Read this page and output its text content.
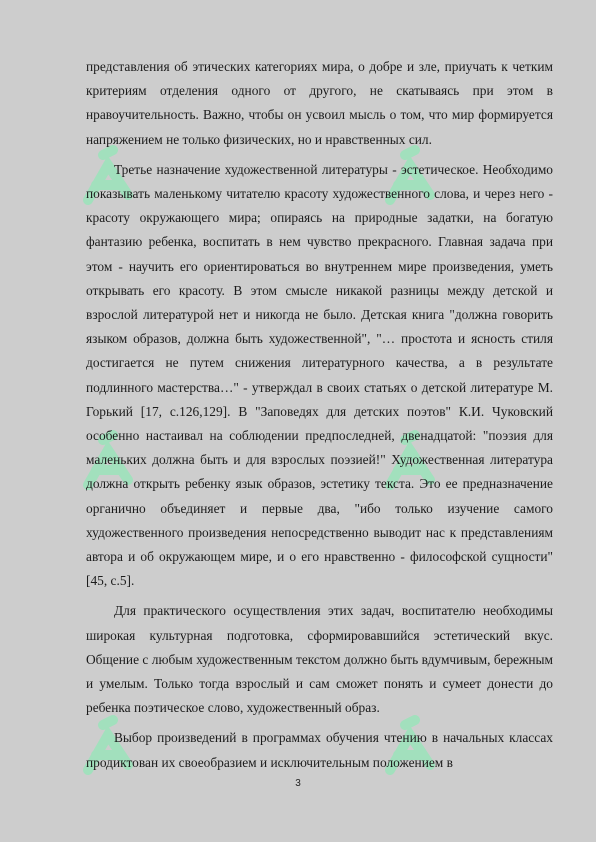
представления об этических категориях мира, о добре и зле, приучать к четким критериям отделения одного от другого, не скатываясь при этом в нравоучительность. Важно, чтобы он усвоил мысль о том, что мир формируется напряжением не только физических, но и нравственных сил.

Третье назначение художественной литературы - эстетическое. Необходимо показывать маленькому читателю красоту художественного слова, и через него - красоту окружающего мира; опираясь на природные задатки, на богатую фантазию ребенка, воспитать в нем чувство прекрасного. Главная задача при этом - научить его ориентироваться во внутреннем мире произведения, уметь открывать его красоту. В этом смысле никакой разницы между детской и взрослой литературой нет и никогда не было. Детская книга "должна говорить языком образов, должна быть художественной", "… простота и ясность стиля достигается не путем снижения литературного качества, а в результате подлинного мастерства…" - утверждал в своих статьях о детской литературе М. Горький [17, с.126,129]. В "Заповедях для детских поэтов" К.И. Чуковский особенно настаивал на соблюдении предпоследней, двенадцатой: "поэзия для маленьких должна быть и для взрослых поэзией!" Художественная литература должна открыть ребенку язык образов, эстетику текста. Это ее предназначение органично объединяет и первые два, "ибо только изучение самого художественного произведения непосредственно выводит нас к представлениям автора и об окружающем мире, и о его нравственно - философской сущности" [45, с.5].

Для практического осуществления этих задач, воспитателю необходимы широкая культурная подготовка, сформировавшийся эстетический вкус. Общение с любым художественным текстом должно быть вдумчивым, бережным и умелым. Только тогда взрослый и сам сможет понять и сумеет донести до ребенка поэтическое слово, художественный образ.

Выбор произведений в программах обучения чтению в начальных классах продиктован их своеобразием и исключительным положением в

3
